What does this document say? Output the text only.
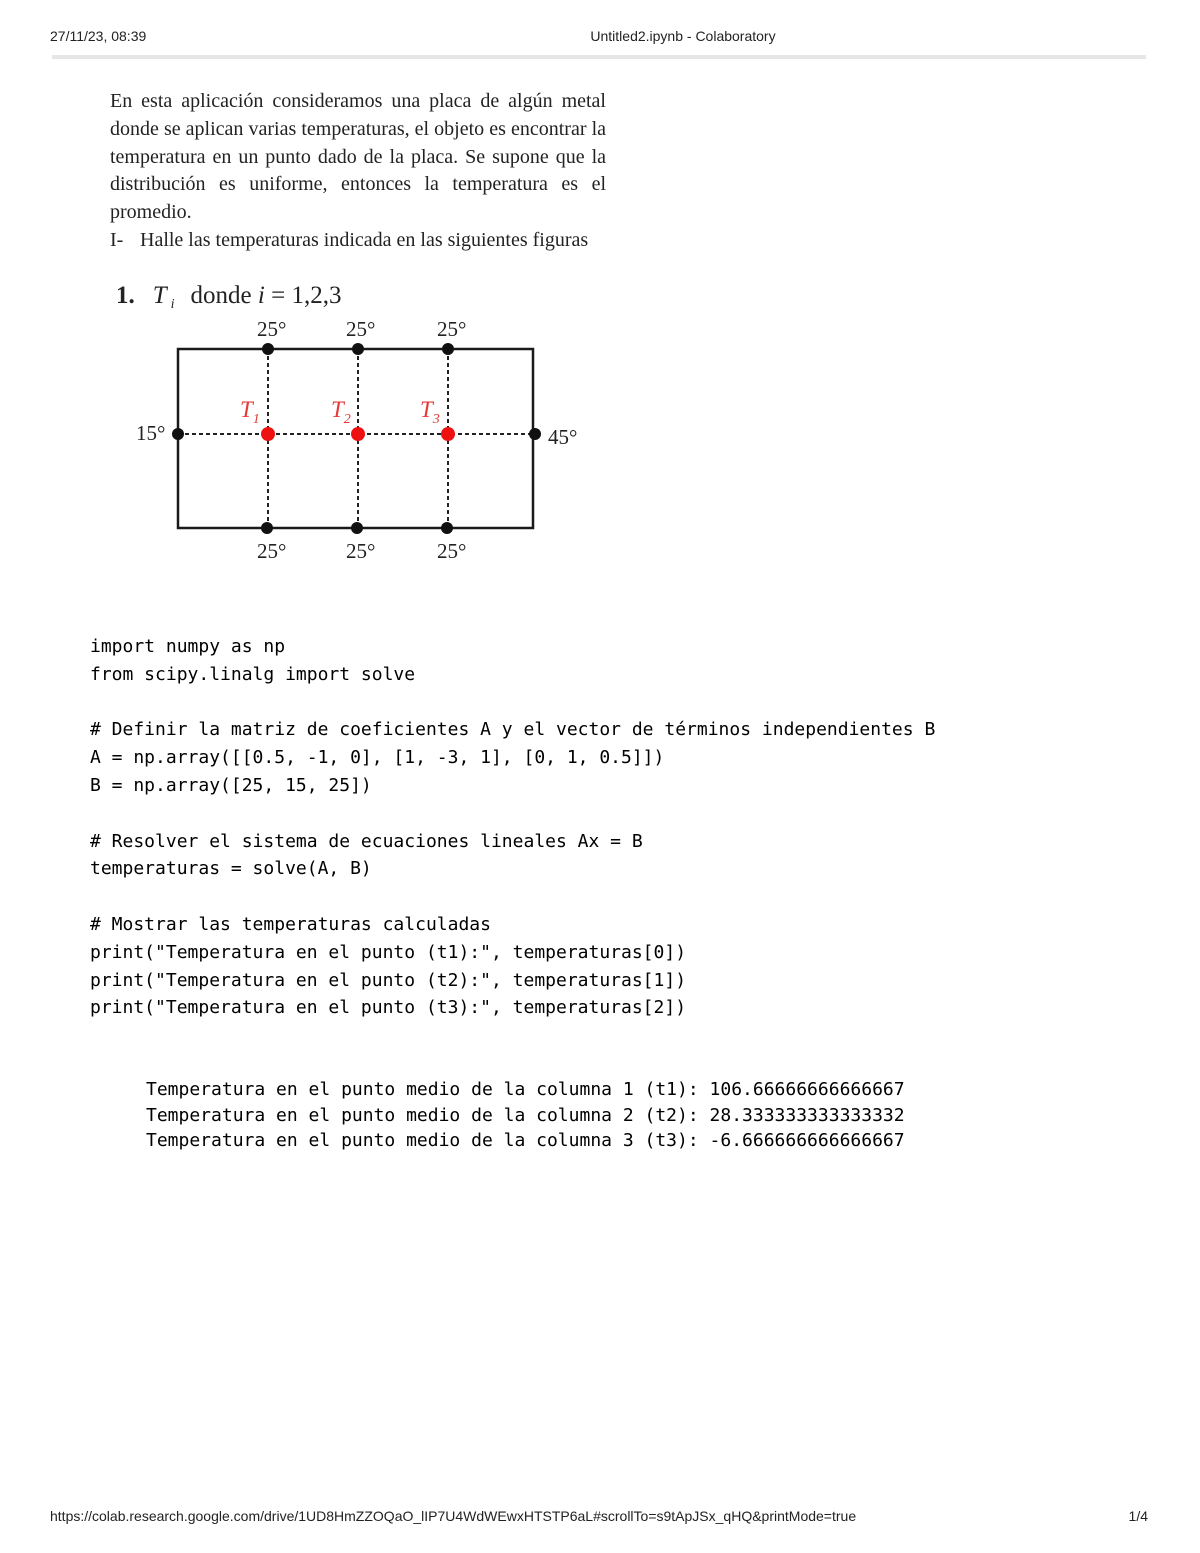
27/11/23, 08:39	Untitled2.ipynb - Colaboratory

En esta aplicación consideramos una placa de algún metal donde se aplican varias temperaturas, el objeto es encontrar la temperatura en un punto dado de la placa. Se supone que la distribución es uniforme, entonces la temperatura es el promedio.

I- Halle las temperaturas indicada en las siguientes figuras
1. T $_i$ donde i = 1,2,3
25°	25°	25°
25°	25°	25°
15°	45°
$T_1$	$T_2$	$T_3$
import numpy as np
from scipy.linalg import solve
# Definir la matriz de coeficientes A y el vector de términos independientes B
A = np.array([[0.5, -1, 0], [1, -3, 1], [0, 1, 0.5]])
B = np.array([25, 15, 25])
# Resolver el sistema de ecuaciones lineales Ax = B
temperaturas = solve(A, B)
# Mostrar las temperaturas calculadas
print("Temperatura en el punto (t1):", temperaturas[0])
print("Temperatura en el punto (t2):", temperaturas[1])
print("Temperatura en el punto (t3):", temperaturas[2])
Temperatura en el punto medio de la columna 1 (t1): 106.66666666666667
Temperatura en el punto medio de la columna 2 (t2): 28.333333333333332
Temperatura en el punto medio de la columna 3 (t3): -6.666666666666667
https://colab.research.google.com/drive/1UD8HmZZOQaO_lIP7U4WdWEwxHTSTP6aL#scrollTo=s9tApJSx_qHQ&printMode=true	1/4
